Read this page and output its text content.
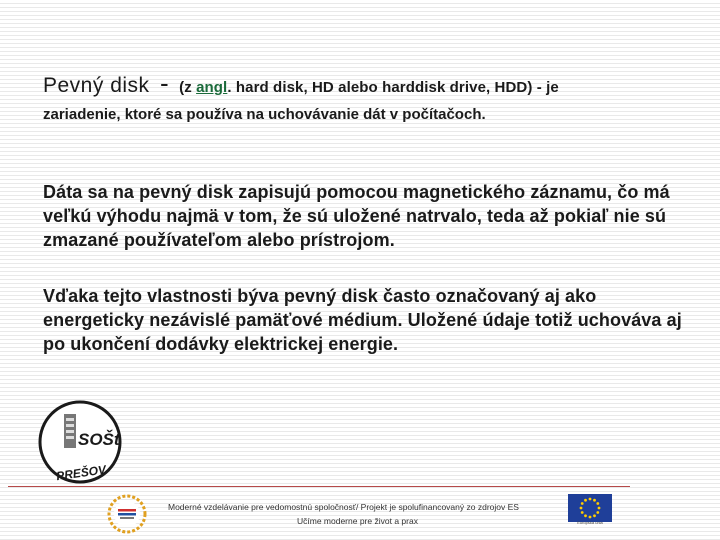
Pevný disk - (z angl. hard disk, HD alebo harddisk drive, HDD) - je
zariadenie, ktoré sa používa na uchovávanie dát v počítačoch.
Dáta sa na pevný disk zapisujú pomocou magnetického záznamu, čo má veľkú výhodu najmä v tom, že sú uložené natrvalo, teda až pokiaľ nie sú zmazané používateľom alebo prístrojom.
Vďaka tejto vlastnosti býva pevný disk často označovaný aj ako energeticky nezávislé pamäťové médium. Uložené údaje totiž uchováva aj po ukončení dodávky elektrickej energie.
SOŠt
PREŠOV
Moderné vzdelávanie pre vedomostnú spoločnosť/ Projekt je spolufinancovaný zo zdrojov ES
Učíme moderne pre život a prax	Európska únia
